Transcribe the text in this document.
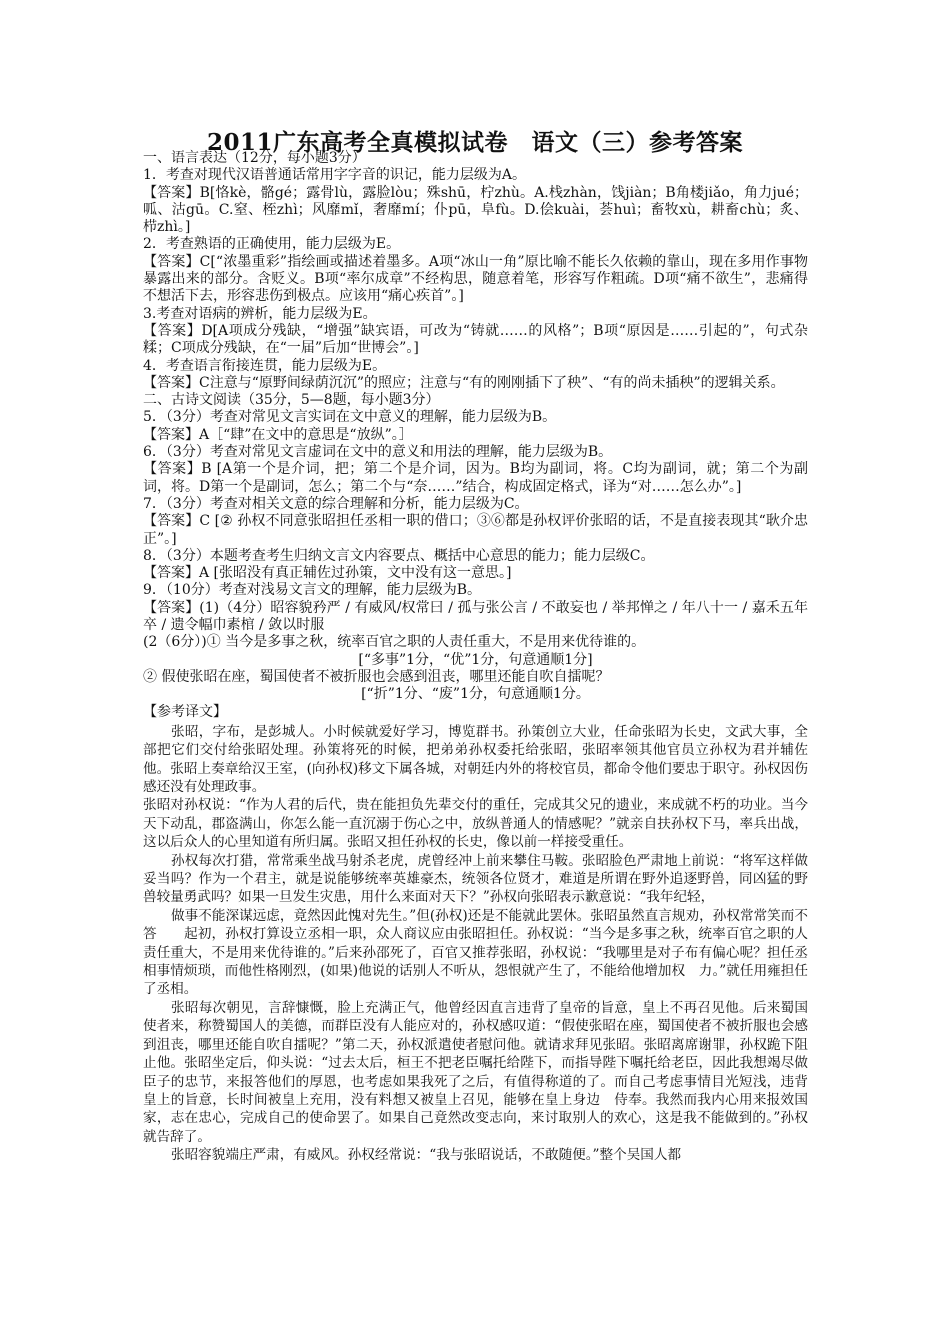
2011广东高考全真模拟试卷　语文（三）参考答案

一、语言表达（12分，每小题3分）

1．考查对现代汉语普通话常用字字音的识记，能力层级为A。

【答案】B[恪kè，骼gé；露骨lù，露脸lòu；殊shū，柠zhù。A.栈zhàn，饯jiàn；B角楼jiǎo，角力jué；呱、沽gū。C.窒、桎zhì；风靡mǐ，奢靡mí；仆pū，阜fù。D.侩kuài，荟huì；畜牧xù，耕畜chù；炙、栉zhì。]

2．考查熟语的正确使用，能力层级为E。

【答案】C[“浓墨重彩”指绘画或描述着墨多。A项“冰山一角”原比喻不能长久依赖的靠山，现在多用作事物暴露出来的部分。含贬义。B项“率尔成章”不经构思，随意着笔，形容写作粗疏。D项“痛不欲生”，悲痛得不想活下去，形容悲伤到极点。应该用“痛心疾首”。]

3.考查对语病的辨析，能力层级为E。

【答案】D[A项成分残缺，“增强”缺宾语，可改为“铸就……的风格”；B项“原因是……引起的”，句式杂糅；C项成分残缺，在“一届”后加“世博会”。]

4．考查语言衔接连贯，能力层级为E。

【答案】C注意与“原野间绿荫沉沉”的照应；注意与“有的刚刚插下了秧”、“有的尚未插秧”的逻辑关系。

二、古诗文阅读（35分，5—8题，每小题3分）

5．（3分）考查对常见文言实词在文中意义的理解，能力层级为B。

【答案】A［“肆”在文中的意思是“放纵”。］

6．（3分）考查对常见文言虚词在文中的意义和用法的理解，能力层级为B。

【答案】B [A第一个是介词，把；第二个是介词，因为。B均为副词，将。C均为副词，就；第二个为副词，将。D第一个是副词，怎么；第二个与“奈……”结合，构成固定格式，译为“对……怎么办”。]

7．（3分）考查对相关文意的综合理解和分析，能力层级为C。

【答案】C [② 孙权不同意张昭担任丞相一职的借口；③⑥都是孙权评价张昭的话，不是直接表现其“耿介忠正”。]

8．（3分）本题考查考生归纳文言文内容要点、概括中心意思的能力；能力层级C。

【答案】A [张昭没有真正辅佐过孙策，文中没有这一意思。]

9．（10分）考查对浅易文言文的理解，能力层级为B。

【答案】(1)（4分）昭容貌矜严 / 有威风/权常曰 / 孤与张公言 / 不敢妄也 / 举邦惮之 / 年八十一 / 嘉禾五年卒 / 遗令幅巾素棺 / 敛以时服

(2（6分）)① 当今是多事之秋，统率百官之职的人责任重大，不是用来优待谁的。

[“多事”1分，“优”1分，句意通顺1分]

② 假使张昭在座，蜀国使者不被折服也会感到沮丧，哪里还能自吹自擂呢？

[“折”1分、“废”1分，句意通顺1分。

【参考译文】

张昭，字布，是彭城人。小时候就爱好学习，博览群书。孙策创立大业，任命张昭为长史，文武大事，全部把它们交付给张昭处理。孙策将死的时候，把弟弟孙权委托给张昭，张昭率领其他官员立孙权为君并辅佐他。张昭上奏章给汉王室，(向孙权)移文下属各城，对朝廷内外的将校官员，都命令他们要忠于职守。孙权因伤感还没有处理政事。

张昭对孙权说：“作为人君的后代，贵在能担负先辈交付的重任，完成其父兄的遗业，来成就不朽的功业。当今天下动乱，郡盗满山，你怎么能一直沉溺于伤心之中，放纵普通人的情感呢？”就亲自扶孙权下马，率兵出战，这以后众人的心里知道有所归属。张昭又担任孙权的长史，像以前一样接受重任。

孙权每次打猎，常常乘坐战马射杀老虎，虎曾经冲上前来攀住马鞍。张昭脸色严肃地上前说：“将军这样做妥当吗？作为一个君主，就是说能够统率英雄豪杰，统领各位贤才，难道是所谓在野外追逐野兽，同凶猛的野兽较量勇武吗？如果一旦发生灾患，用什么来面对天下？”孙权向张昭表示歉意说：“我年纪轻，

做事不能深谋远虑，竟然因此愧对先生。”但(孙权)还是不能就此罢休。张昭虽然直言规劝，孙权常常笑而不答　　起初，孙权打算设立丞相一职，众人商议应由张昭担任。孙权说：“当今是多事之秋，统率百官之职的人责任重大，不是用来优待谁的。”后来孙邵死了，百官又推荐张昭，孙权说：“我哪里是对子布有偏心呢？担任丞相事情烦琐，而他性格刚烈，(如果)他说的话别人不听从，怨恨就产生了，不能给他增加权　力。”就任用雍担任了丞相。

张昭每次朝见，言辞慷慨，脸上充满正气，他曾经因直言违背了皇帝的旨意，皇上不再召见他。后来蜀国使者来，称赞蜀国人的美德，而群臣没有人能应对的，孙权感叹道：“假使张昭在座，蜀国使者不被折服也会感到沮丧，哪里还能自吹自擂呢？”第二天，孙权派遣使者慰问他。就请求拜见张昭。张昭离席谢罪，孙权跪下阻止他。张昭坐定后，仰头说：“过去太后，桓王不把老臣嘱托给陛下，而指导陛下嘱托给老臣，因此我想竭尽做臣子的忠节，来报答他们的厚恩，也考虑如果我死了之后，有值得称道的了。而自己考虑事情目光短浅，违背皇上的旨意，长时间被皇上充用，没有料想又被皇上召见，能够在皇上身边　侍奉。我然而我内心用来报效国家，志在忠心，完成自己的使命罢了。如果自己竟然改变志向，来讨取别人的欢心，这是我不能做到的。”孙权就告辞了。

张昭容貌端庄严肃，有威风。孙权经常说：“我与张昭说话，不敢随便。”整个吴国人都
